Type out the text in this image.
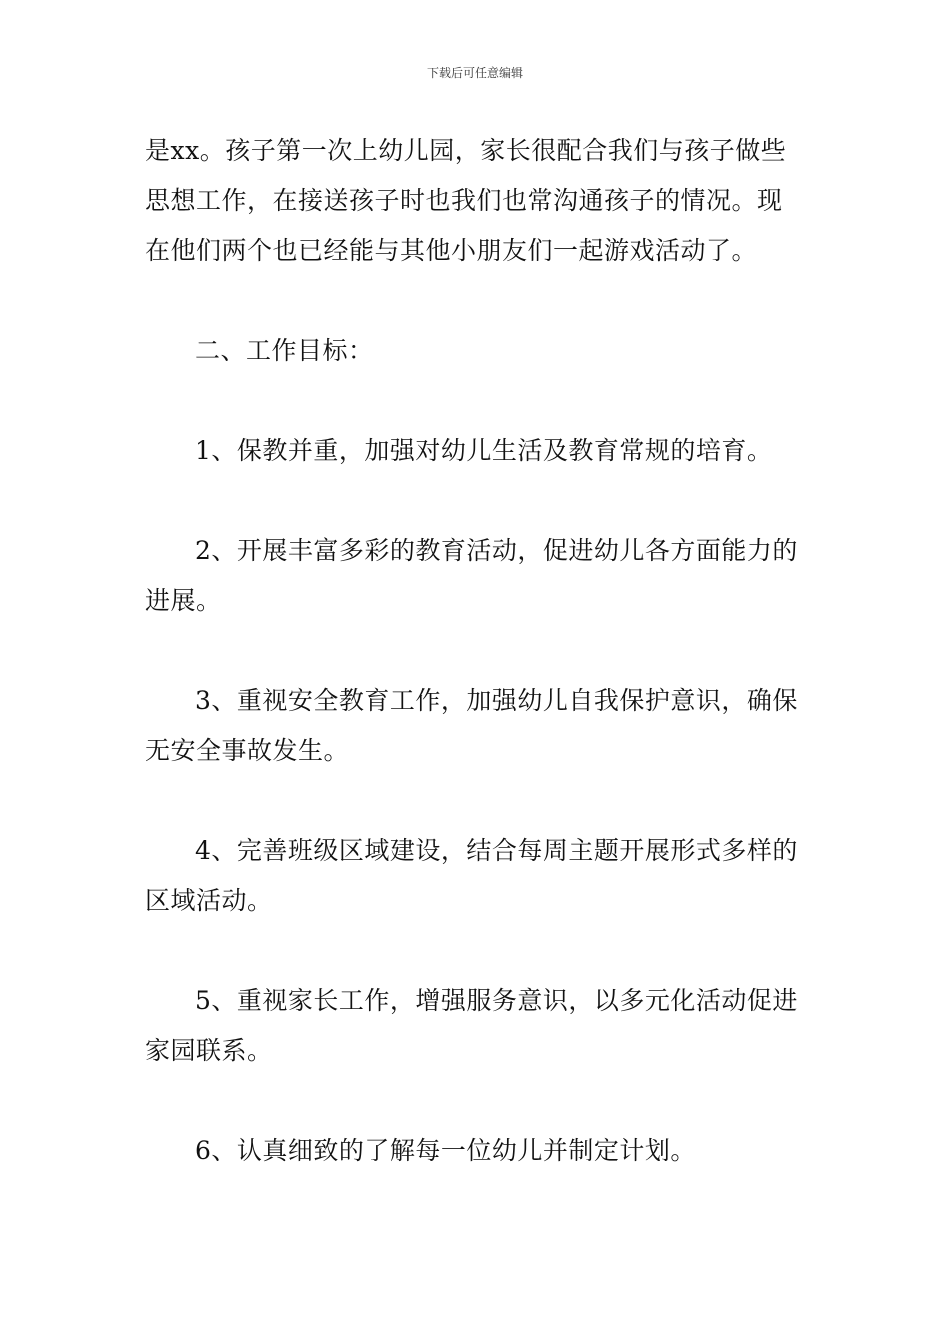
下载后可任意编辑
是xx。孩子第一次上幼儿园，家长很配合我们与孩子做些
思想工作，在接送孩子时也我们也常沟通孩子的情况。现
在他们两个也已经能与其他小朋友们一起游戏活动了。
二、工作目标：
1、保教并重，加强对幼儿生活及教育常规的培育。
2、开展丰富多彩的教育活动，促进幼儿各方面能力的
进展。
3、重视安全教育工作，加强幼儿自我保护意识，确保
无安全事故发生。
4、完善班级区域建设，结合每周主题开展形式多样的
区域活动。
5、重视家长工作，增强服务意识，以多元化活动促进
家园联系。
6、认真细致的了解每一位幼儿并制定计划。
